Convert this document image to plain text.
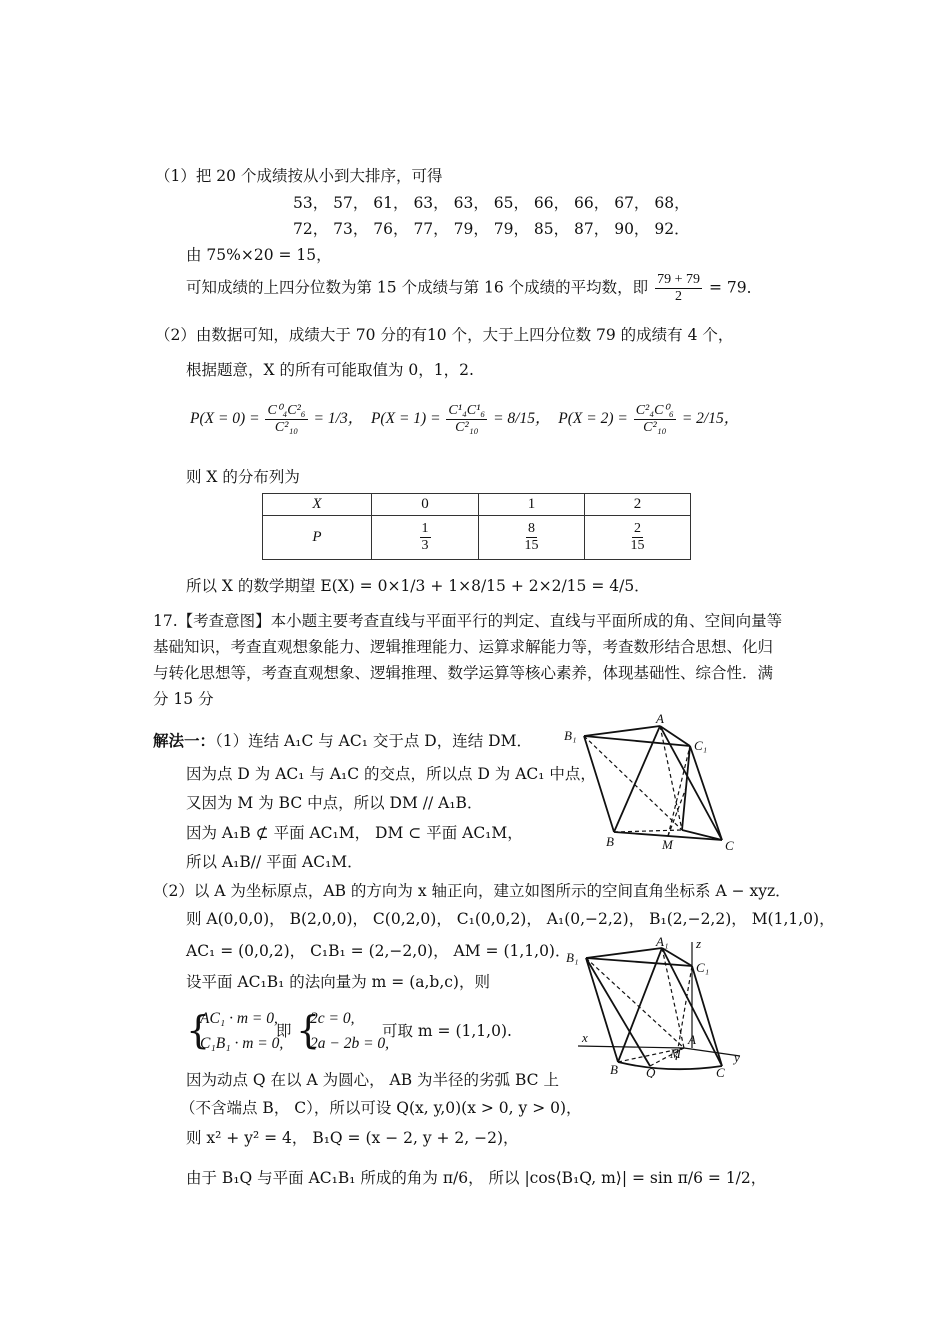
（1）把 20 个成绩按从小到大排序，可得
53， 57， 61， 63， 63， 65， 66， 66， 67， 68，
72， 73， 76， 77， 79， 79， 85， 87， 90， 92．
由 75%×20 = 15，
可知成绩的上四分位数为第 15 个成绩与第 16 个成绩的平均数，即 $\frac{79 + 79}{2} = 79$．
（2）由数据可知，成绩大于 70 分的有10 个，大于上四分位数 79 的成绩有 4 个，
根据题意，X 的所有可能取值为 0，1，2.
$P(X = 0) = \frac{\text{C⁰₄C²₆}}{\text{C²₁₀}} = 1/3$，  $P(X = 1) = \frac{\text{C¹₄C¹₆}}{\text{C²₁₀}} = 8/15$，  $P(X = 2) = \frac{\text{C²₄C⁰₆}}{\text{C²₁₀}} = 2/15$，
则 X 的分布列为
X	0	1	2
P	$\frac{1}{3}$	$\frac{8}{15}$	$\frac{2}{15}$
所以 X 的数学期望 E(X) = 0×1/3 + 1×8/15 + 2×2/15 = 4/5．
17.【考查意图】本小题主要考查直线与平面平行的判定、直线与平面所成的角、空间向量等
基础知识，考查直观想象能力、逻辑推理能力、运算求解能力等，考查数形结合思想、化归
与转化思想等，考查直观想象、逻辑推理、数学运算等核心素养，体现基础性、综合性．满
分 15 分
解法一：（1）连结 A₁C 与 AC₁ 交于点 D，连结 DM．
因为点 D 为 AC₁ 与 A₁C 的交点，所以点 D 为 AC₁ 中点，
又因为 M 为 BC 中点，所以 DM // A₁B．
因为 A₁B ⊄ 平面 AC₁M， DM ⊂ 平面 AC₁M，
所以 A₁B// 平面 AC₁M．
B₁
A
C₁
B	M	C
（2）以 A 为坐标原点，AB 的方向为 x 轴正向，建立如图所示的空间直角坐标系 A − xyz．
则 A(0,0,0)， B(2,0,0)， C(0,2,0)， C₁(0,0,2)， A₁(0,−2,2)， B₁(2,−2,2)， M(1,1,0)，
AC₁ = (0,0,2)， C₁B₁ = (2,−2,0)， AM = (1,1,0)．
设平面 AC₁B₁ 的法向量为 m = (a,b,c)，则
{
AC₁ · m = 0,
C₁B₁ · m = 0,
即 {
2c = 0,
2a − 2b = 0,
可取 m = (1,1,0).
因为动点 Q 在以 A 为圆心， AB 为半径的劣弧 BC 上
（不含端点 B， C），所以可设 Q(x, y,0)(x > 0, y > 0)，
则 x² + y² = 4， B₁Q = (x − 2, y + 2, −2)，
由于 B₁Q 与平面 AC₁B₁ 所成的角为 π/6， 所以 |cos⟨B₁Q, m⟩| = sin π/6 = 1/2，
B₁
A₁ z
C₁
x
B Q
A
M
C
y
